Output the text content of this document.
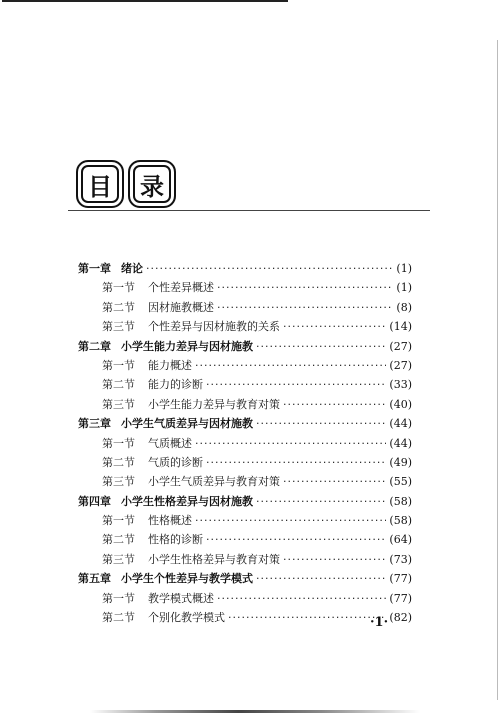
目	录
第一章 绪论 ·····	(1)
第一节	个性差异概述 ·····	(1)
第二节	因材施教概述 ·····	(8)
第三节	个性差异与因材施教的关系 ·····	(14)
第二章 小学生能力差异与因材施教 ·····	(27)
第一节	能力概述 ·····	(27)
第二节	能力的诊断 ·····	(33)
第三节	小学生能力差异与教育对策 ·····	(40)
第三章 小学生气质差异与因材施教 ·····	(44)
第一节	气质概述 ·····	(44)
第二节	气质的诊断 ·····	(49)
第三节	小学生气质差异与教育对策 ·····	(55)
第四章 小学生性格差异与因材施教 ·····	(58)
第一节	性格概述 ·····	(58)
第二节	性格的诊断 ·····	(64)
第三节	小学生性格差异与教育对策 ·····	(73)
第五章 小学生个性差异与教学模式 ·····	(77)
第一节	教学模式概述 ·····	(77)
第二节	个别化教学模式 ·····	(82)
·1·
